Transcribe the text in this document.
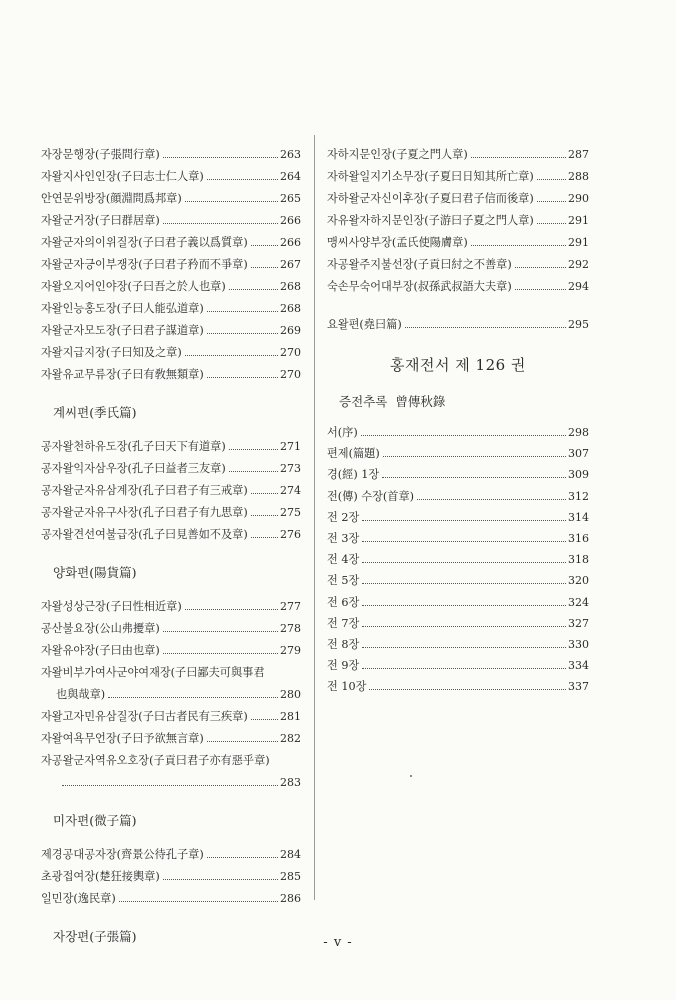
자장문행장(子張問行章)	263
자왈지사인인장(子曰志士仁人章)	264
안연문위방장(顔淵問爲邦章)	265
자왈군거장(子曰群居章)	266
자왈군자의이위질장(子曰君子義以爲質章)	266
자왈군자긍이부쟁장(子曰君子矜而不爭章)	267
자왈오지어인야장(子曰吾之於人也章)	268
자왈인능홍도장(子曰人能弘道章)	268
자왈군자모도장(子曰君子謀道章)	269
자왈지급지장(子曰知及之章)	270
자왈유교무류장(子曰有敎無類章)	270
계씨편(季氏篇)
공자왈천하유도장(孔子曰天下有道章)	271
공자왈익자삼우장(孔子曰益者三友章)	273
공자왈군자유삼계장(孔子曰君子有三戒章)	274
공자왈군자유구사장(孔子曰君子有九思章)	275
공자왈견선여불급장(孔子曰見善如不及章)	276
양화편(陽貨篇)
자왈성상근장(子曰性相近章)	277
공산불요장(公山弗擾章)	278
자왈유야장(子曰由也章)	279
자왈비부가여사군야여재장(子曰鄙夫可與事君
也與哉章)	280
자왈고자민유삼질장(子曰古者民有三疾章)	281
자왈여욕무언장(子曰予欲無言章)	282
자공왈군자역유오호장(子貢曰君子亦有惡乎章)
283
미자편(微子篇)
제경공대공자장(齊景公待孔子章)	284
초광접여장(楚狂接輿章)	285
일민장(逸民章)	286
자장편(子張篇)
자하지문인장(子夏之門人章)	287
자하왈일지기소무장(子夏曰日知其所亡章)	288
자하왈군자신이후장(子夏曰君子信而後章)	290
자유왈자하지문인장(子游曰子夏之門人章)	291
맹씨사양부장(孟氏使陽膚章)	291
자공왈주지불선장(子貢曰紂之不善章)	292
숙손무숙어대부장(叔孫武叔語大夫章)	294
요왈편(堯曰篇)	295
홍재전서 제 126 권
증전추록 曾傳秋錄
서(序)	298
편제(篇題)	307
경(經) 1장	309
전(傳) 수장(首章)	312
전 2장	314
전 3장	316
전 4장	318
전 5장	320
전 6장	324
전 7장	327
전 8장	330
전 9장	334
전 10장	337
- v -
